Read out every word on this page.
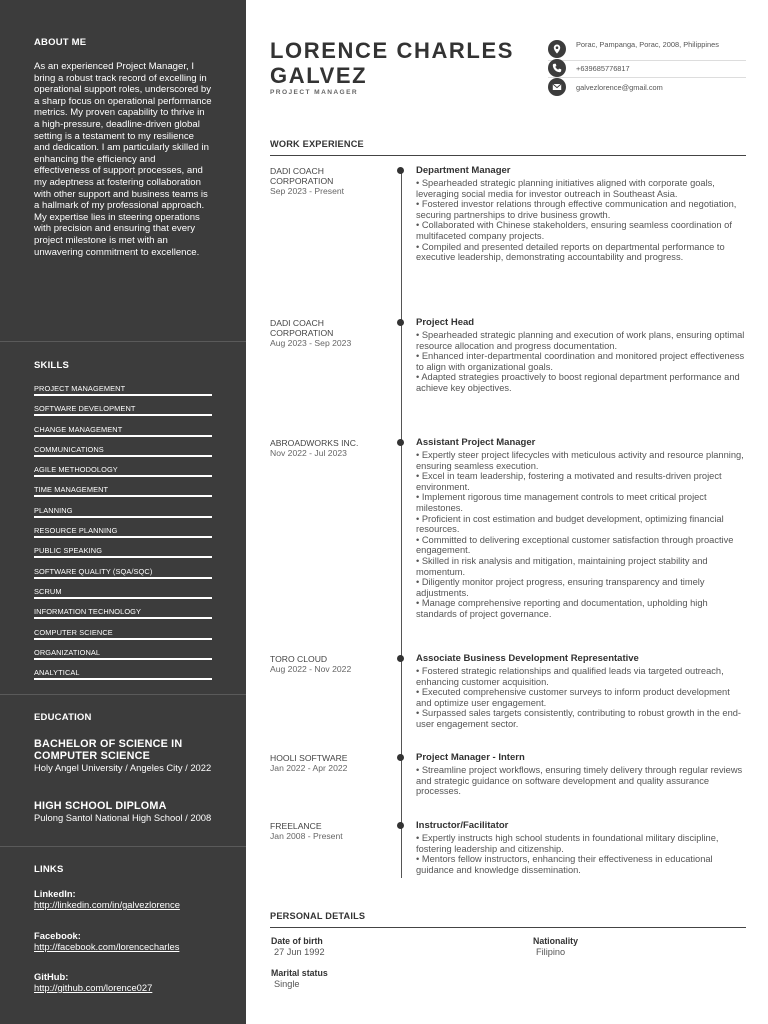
ABOUT ME

As an experienced Project Manager, I bring a robust track record of excelling in operational support roles, underscored by a sharp focus on operational performance metrics. My proven capability to thrive in a high-pressure, deadline-driven global setting is a testament to my resilience and dedication. I am particularly skilled in enhancing the efficiency and effectiveness of support processes, and my adeptness at fostering collaboration with other support and business teams is a hallmark of my professional approach. My expertise lies in steering operations with precision and ensuring that every project milestone is met with an unwavering commitment to excellence.

SKILLS
PROJECT MANAGEMENT
SOFTWARE DEVELOPMENT
CHANGE MANAGEMENT
COMMUNICATIONS
AGILE METHODOLOGY
TIME MANAGEMENT
PLANNING
RESOURCE PLANNING
PUBLIC SPEAKING
SOFTWARE QUALITY (SQA/SQC)
SCRUM
INFORMATION TECHNOLOGY
COMPUTER SCIENCE
ORGANIZATIONAL
ANALYTICAL
EDUCATION
BACHELOR OF SCIENCE IN COMPUTER SCIENCE
Holy Angel University / Angeles City / 2022
HIGH SCHOOL DIPLOMA
Pulong Santol National High School / 2008
LINKS
LinkedIn:
http://linkedin.com/in/galvezlorence
Facebook:
http://facebook.com/lorencecharles
GitHub:
http://github.com/lorence027
LORENCE CHARLES GALVEZ
PROJECT MANAGER
Porac, Pampanga, Porac, 2008, Philippines
+639685776817
galvezlorence@gmail.com
WORK EXPERIENCE
DADI COACH CORPORATION
Sep 2023 - Present
Department Manager
• Spearheaded strategic planning initiatives aligned with corporate goals, leveraging social media for investor outreach in Southeast Asia.
• Fostered investor relations through effective communication and negotiation, securing partnerships to drive business growth.
• Collaborated with Chinese stakeholders, ensuring seamless coordination of multifaceted company projects.
• Compiled and presented detailed reports on departmental performance to executive leadership, demonstrating accountability and progress.
DADI COACH CORPORATION
Aug 2023 - Sep 2023
Project Head
• Spearheaded strategic planning and execution of work plans, ensuring optimal resource allocation and progress documentation.
• Enhanced inter-departmental coordination and monitored project effectiveness to align with organizational goals.
• Adapted strategies proactively to boost regional department performance and achieve key objectives.
ABROADWORKS INC.
Nov 2022 - Jul 2023
Assistant Project Manager
• Expertly steer project lifecycles with meticulous activity and resource planning, ensuring seamless execution.
• Excel in team leadership, fostering a motivated and results-driven project environment.
• Implement rigorous time management controls to meet critical project milestones.
• Proficient in cost estimation and budget development, optimizing financial resources.
• Committed to delivering exceptional customer satisfaction through proactive engagement.
• Skilled in risk analysis and mitigation, maintaining project stability and momentum.
• Diligently monitor project progress, ensuring transparency and timely adjustments.
• Manage comprehensive reporting and documentation, upholding high standards of project governance.
TORO CLOUD
Aug 2022 - Nov 2022
Associate Business Development Representative
• Fostered strategic relationships and qualified leads via targeted outreach, enhancing customer acquisition.
• Executed comprehensive customer surveys to inform product development and optimize user engagement.
• Surpassed sales targets consistently, contributing to robust growth in the end-user engagement sector.
HOOLI SOFTWARE
Jan 2022 - Apr 2022
Project Manager - Intern
• Streamline project workflows, ensuring timely delivery through regular reviews and strategic guidance on software development and quality assurance processes.
FREELANCE
Jan 2008 - Present
Instructor/Facilitator
• Expertly instructs high school students in foundational military discipline, fostering leadership and citizenship.
• Mentors fellow instructors, enhancing their effectiveness in educational guidance and knowledge dissemination.
PERSONAL DETAILS
Date of birth
27 Jun 1992
Nationality
Filipino
Marital status
Single
